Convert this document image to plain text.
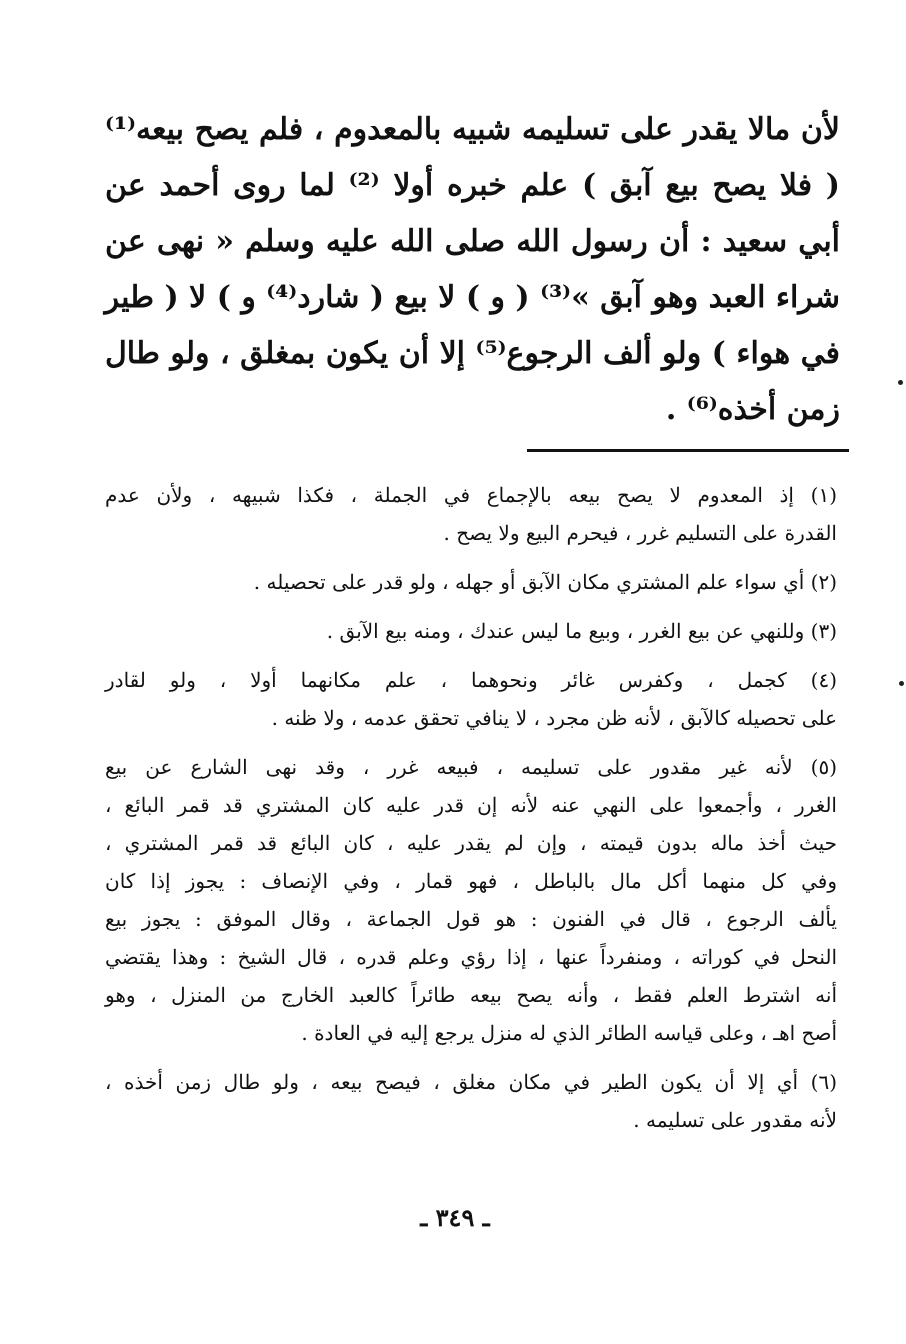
لأن مالا يقدر على تسليمه شبيه بالمعدوم ، فلم يصح بيعه⁽¹⁾
( فلا يصح بيع آبق ) علم خبره أولا ⁽²⁾ لما روى أحمد عن
أبي سعيد : أن رسول الله صلى الله عليه وسلم « نهى عن
شراء العبد وهو آبق »⁽³⁾ ( و ) لا بيع ( شارد⁽⁴⁾ و ) لا ( طير
في هواء ) ولو ألف الرجوع⁽⁵⁾ إلا أن يكون بمغلق ، ولو طال
زمن أخذه⁽⁶⁾ .
(١) إذ المعدوم لا يصح بيعه بالإجماع في الجملة ، فكذا شبيهه ، ولأن عدم
القدرة على التسليم غرر ، فيحرم البيع ولا يصح .
(٢) أي سواء علم المشتري مكان الآبق أو جهله ، ولو قدر على تحصيله .
(٣) وللنهي عن بيع الغرر ، وبيع ما ليس عندك ، ومنه بيع الآبق .
(٤) كجمل ، وكفرس غائر ونحوهما ، علم مكانهما أولا ، ولو لقادر
على تحصيله كالآبق ، لأنه ظن مجرد ، لا ينافي تحقق عدمه ، ولا ظنه .
(٥) لأنه غير مقدور على تسليمه ، فبيعه غرر ، وقد نهى الشارع عن بيع
الغرر ، وأجمعوا على النهي عنه لأنه إن قدر عليه كان المشتري قد قمر البائع ،
حيث أخذ ماله بدون قيمته ، وإن لم يقدر عليه ، كان البائع قد قمر المشتري ،
وفي كل منهما أكل مال بالباطل ، فهو قمار ، وفي الإنصاف : يجوز إذا كان
يألف الرجوع ، قال في الفنون : هو قول الجماعة ، وقال الموفق : يجوز بيع
النحل في كوراته ، ومنفرداً عنها ، إذا رؤي وعلم قدره ، قال الشيخ : وهذا يقتضي
أنه اشترط العلم فقط ، وأنه يصح بيعه طائراً كالعبد الخارج من المنزل ، وهو
أصح اهـ ، وعلى قياسه الطائر الذي له منزل يرجع إليه في العادة .
(٦) أي إلا أن يكون الطير في مكان مغلق ، فيصح بيعه ، ولو طال زمن أخذه ،
لأنه مقدور على تسليمه .
ـ ٣٤٩ ـ
